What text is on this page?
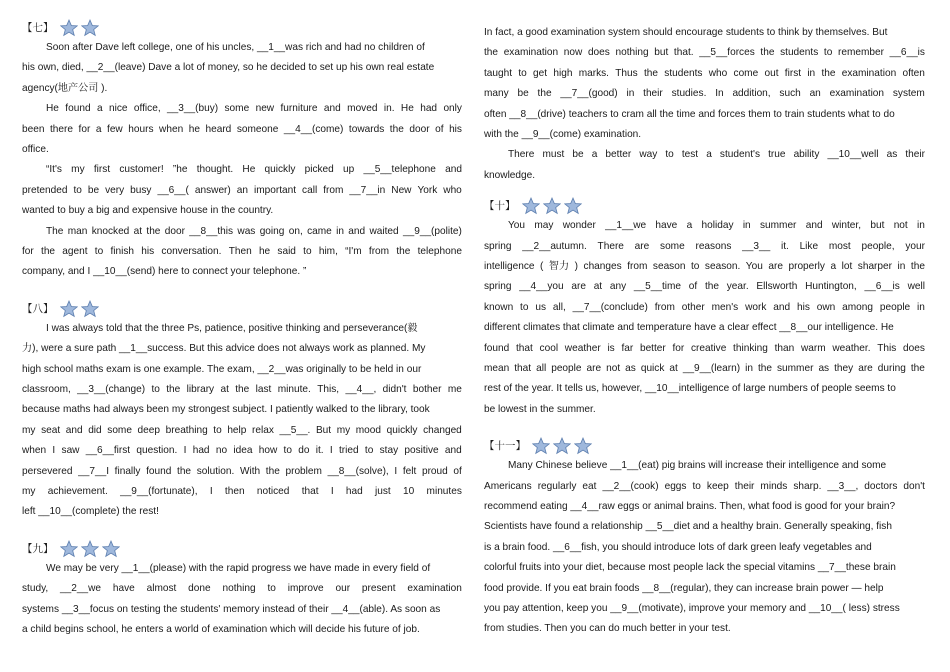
【七】
Soon after Dave left college, one of his uncles, __1__was rich and had no children of
his own, died, __2__(leave) Dave a lot of money, so he decided to set up his own real estate
agency(地产公司 ).
He found a nice office, __3__(buy) some new furniture and moved in. He had only
been there for a few hours when he heard someone __4__(come) towards the door of his
office.
“It's my first customer! ”he thought. He quickly picked up __5__telephone and
pretended to be very busy __6__( answer) an important call from __7__in New York who
wanted to buy a big and expensive house in the country.
The man knocked at the door __8__this was going on, came in and waited __9__(polite)
for the agent to finish his conversation. Then he said to him, “I'm from the telephone
company, and I __10__(send) here to connect your telephone. ”
【八】
I was always told that the three Ps, patience, positive thinking and perseverance(毅
力), were a sure path __1__success. But this advice does not always work as planned. My
high school maths exam is one example. The exam, __2__was originally to be held in our
classroom, __3__(change) to the library at the last minute. This, __4__, didn't bother me
because maths had always been my strongest subject. I patiently walked to the library, took
my seat and did some deep breathing to help relax __5__. But my mood quickly changed
when I saw __6__first question. I had no idea how to do it. I tried to stay positive and
persevered __7__I finally found the solution. With the problem __8__(solve), I felt proud of
my achievement. __9__(fortunate), I then noticed that I had just 10 minutes
left __10__(complete) the rest!
【九】
We may be very __1__(please) with the rapid progress we have made in every field of
study, __2__we have almost done nothing to improve our present examination
systems __3__focus on testing the students' memory instead of their __4__(able). As soon as
a child begins school, he enters a world of examination which will decide his future of job.
In fact, a good examination system should encourage students to think by themselves. But
the examination now does nothing but that. __5__forces the students to remember __6__is
taught to get high marks. Thus the students who come out first in the examination often
many be the __7__(good) in their studies. In addition, such an examination system
often __8__(drive) teachers to cram all the time and forces them to train students what to do
with the __9__(come) examination.
There must be a better way to test a student's true ability __10__well as their
knowledge.
【十】
You may wonder __1__we have a holiday in summer and winter, but not in
spring __2__autumn. There are some reasons __3__ it. Like most people, your
intelligence ( 智力 ) changes from season to season. You are properly a lot sharper in the
spring __4__you are at any __5__time of the year. Ellsworth Huntington, __6__is well
known to us all, __7__(conclude) from other men's work and his own among people in
different climates that climate and temperature have a clear effect __8__our intelligence. He
found that cool weather is far better for creative thinking than warm weather. This does
mean that all people are not as quick at __9__(learn) in the summer as they are during the
rest of the year. It tells us, however, __10__intelligence of large numbers of people seems to
be lowest in the summer.
【十一】
Many Chinese believe __1__(eat) pig brains will increase their intelligence and some
Americans regularly eat __2__(cook) eggs to keep their minds sharp. __3__, doctors don't
recommend eating __4__raw eggs or animal brains. Then, what food is good for your brain?
Scientists have found a relationship __5__diet and a healthy brain. Generally speaking, fish
is a brain food. __6__fish, you should introduce lots of dark green leafy vegetables and
colorful fruits into your diet, because most people lack the special vitamins __7__these brain
food provide. If you eat brain foods __8__(regular), they can increase brain power — help
you pay attention, keep you __9__(motivate), improve your memory and __10__( less) stress
from studies. Then you can do much better in your test.
